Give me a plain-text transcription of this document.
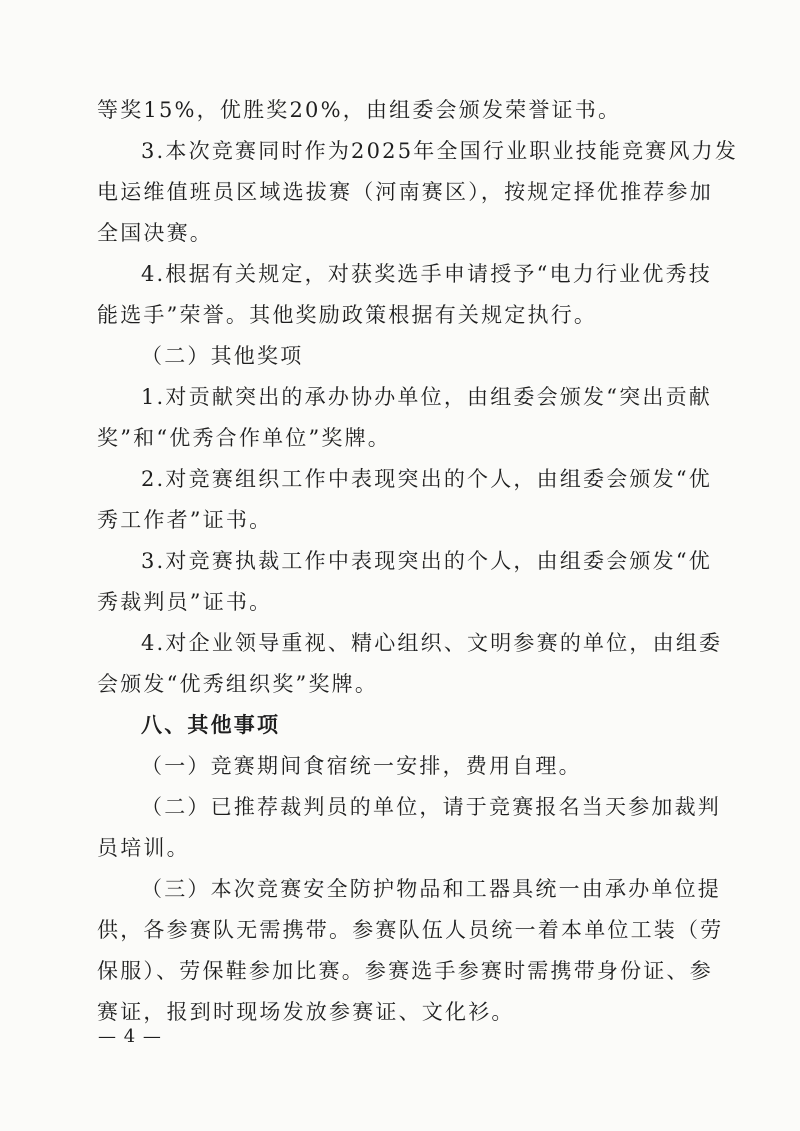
等奖15%，优胜奖20%，由组委会颁发荣誉证书。
3.本次竞赛同时作为2025年全国行业职业技能竞赛风力发
电运维值班员区域选拔赛（河南赛区），按规定择优推荐参加
全国决赛。
4.根据有关规定，对获奖选手申请授予“电力行业优秀技
能选手”荣誉。其他奖励政策根据有关规定执行。
（二）其他奖项
1.对贡献突出的承办协办单位，由组委会颁发“突出贡献
奖”和“优秀合作单位”奖牌。
2.对竞赛组织工作中表现突出的个人，由组委会颁发“优
秀工作者”证书。
3.对竞赛执裁工作中表现突出的个人，由组委会颁发“优
秀裁判员”证书。
4.对企业领导重视、精心组织、文明参赛的单位，由组委
会颁发“优秀组织奖”奖牌。
八、其他事项
（一）竞赛期间食宿统一安排，费用自理。
（二）已推荐裁判员的单位，请于竞赛报名当天参加裁判
员培训。
（三）本次竞赛安全防护物品和工器具统一由承办单位提
供，各参赛队无需携带。参赛队伍人员统一着本单位工装（劳
保服）、劳保鞋参加比赛。参赛选手参赛时需携带身份证、参
赛证，报到时现场发放参赛证、文化衫。
— 4 —
